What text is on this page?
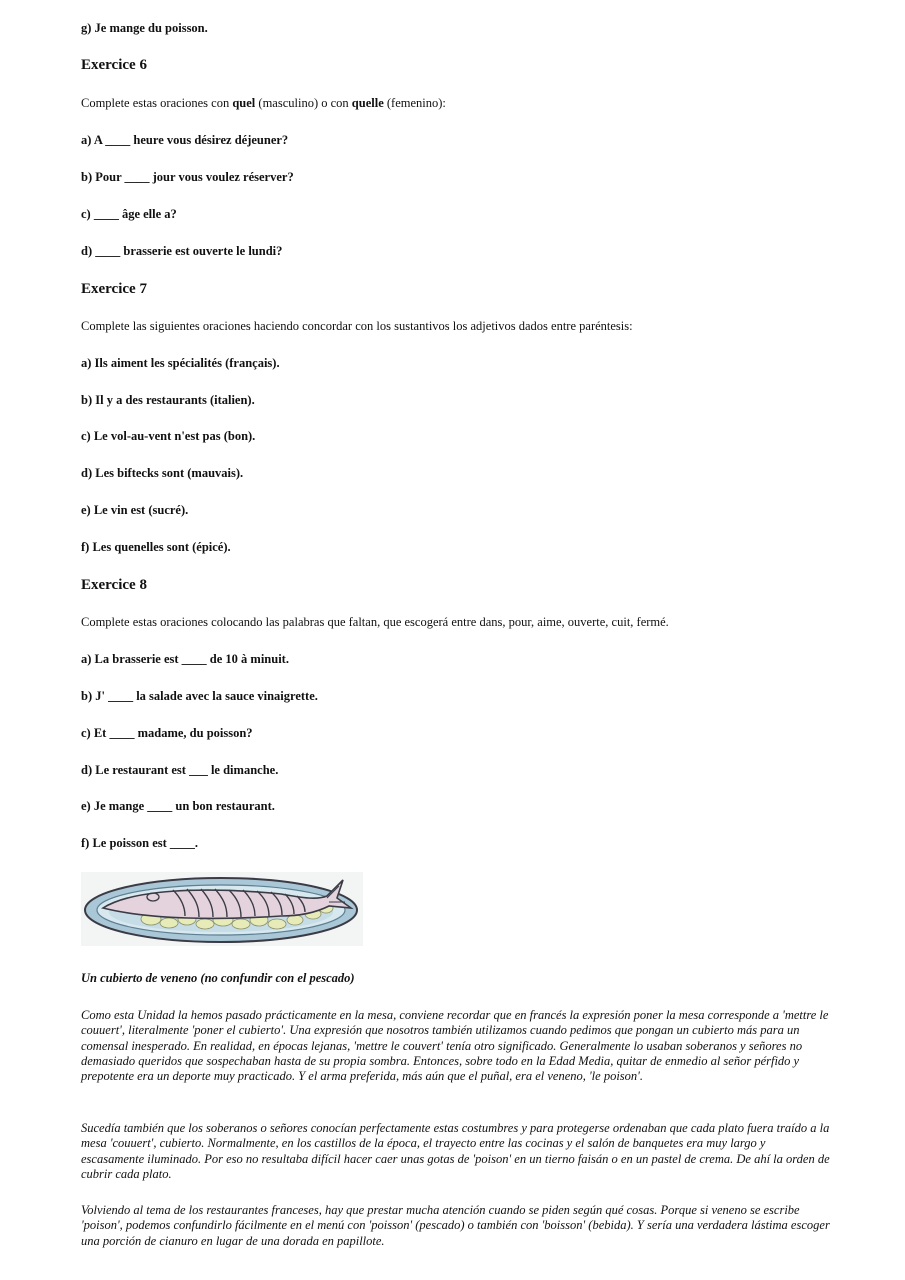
g) Je mange du poisson.
Exercice 6
Complete estas oraciones con quel (masculino) o con quelle (femenino):
a) A ____ heure vous désirez déjeuner?
b) Pour ____ jour vous voulez réserver?
c) ____ âge elle a?
d) ____ brasserie est ouverte le lundi?
Exercice 7
Complete las siguientes oraciones haciendo concordar con los sustantivos los adjetivos dados entre paréntesis:
a) Ils aiment les spécialités (français).
b) Il y a des restaurants (italien).
c) Le vol-au-vent n'est pas (bon).
d) Les biftecks sont (mauvais).
e) Le vin est (sucré).
f) Les quenelles sont (épicé).
Exercice 8
Complete estas oraciones colocando las palabras que faltan, que escogerá entre dans, pour, aime, ouverte, cuit, fermé.
a) La brasserie est ____ de 10 à minuit.
b) J' ____ la salade avec la sauce vinaigrette.
c) Et ____ madame, du poisson?
d) Le restaurant est ___ le dimanche.
e) Je mange ____ un bon restaurant.
f) Le poisson est ____.
Un cubierto de veneno (no confundir con el pescado)
Como esta Unidad la hemos pasado prácticamente en la mesa, conviene recordar que en francés la expresión poner la mesa corresponde a 'mettre le couuert', literalmente 'poner el cubierto'. Una expresión que nosotros también utilizamos cuando pedimos que pongan un cubierto más para un comensal inesperado. En realidad, en épocas lejanas, 'mettre le couvert' tenía otro significado. Generalmente lo usaban soberanos y señores no demasiado queridos que sospechaban hasta de su propia sombra. Entonces, sobre todo en la Edad Media, quitar de enmedio al señor pérfido y prepotente era un deporte muy practicado. Y el arma preferida, más aún que el puñal, era el veneno, 'le poison'.
Sucedía también que los soberanos o señores conocían perfectamente estas costumbres y para protegerse ordenaban que cada plato fuera traído a la mesa 'couuert', cubierto. Normalmente, en los castillos de la época, el trayecto entre las cocinas y el salón de banquetes era muy largo y escasamente iluminado. Por eso no resultaba difícil hacer caer unas gotas de 'poison' en un tierno faisán o en un pastel de crema. De ahí la orden de cubrir cada plato.
Volviendo al tema de los restaurantes franceses, hay que prestar mucha atención cuando se piden según qué cosas. Porque si veneno se escribe 'poison', podemos confundirlo fácilmente en el menú con 'poisson' (pescado) o también con 'boisson' (bebida). Y sería una verdadera lástima escoger una porción de cianuro en lugar de una dorada en papillote.
